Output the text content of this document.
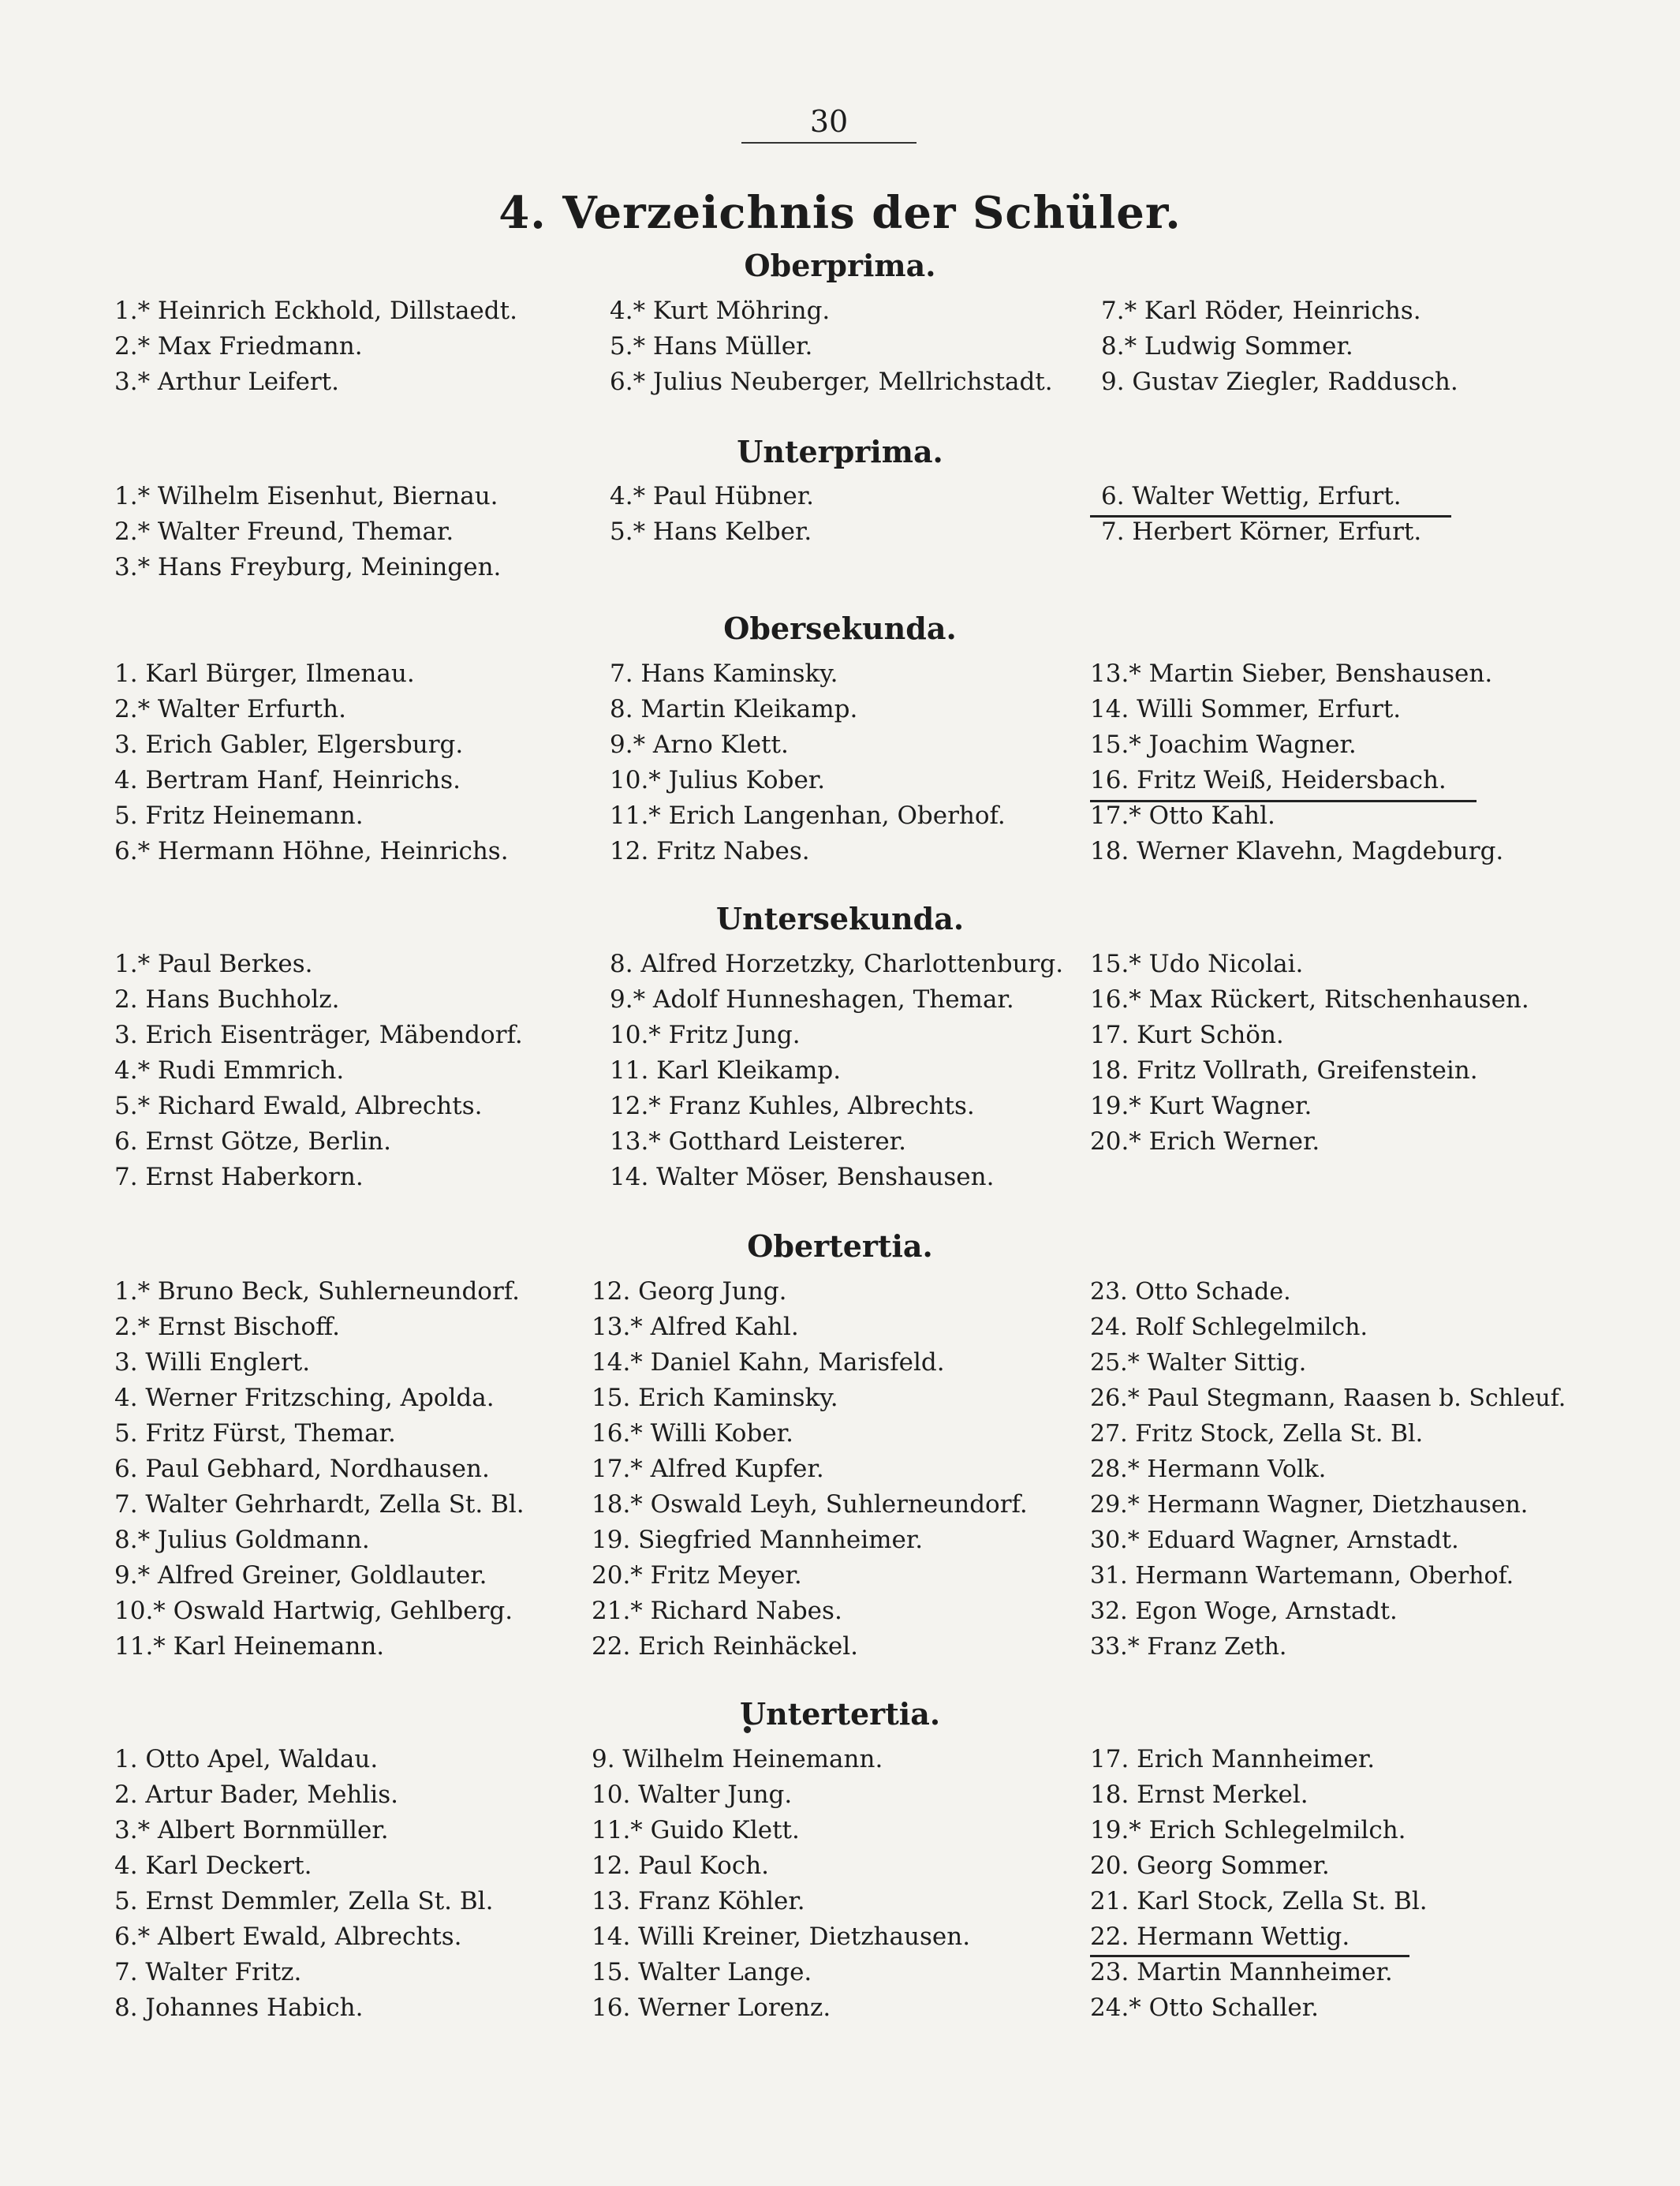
30
4. Verzeichnis der Schüler.
Oberprima.
1.* Heinrich Eckhold, Dillstaedt.
2.* Max Friedmann.
3.* Arthur Leifert.
4.* Kurt Möhring.
5.* Hans Müller.
6.* Julius Neuberger, Mellrichstadt.
7.* Karl Röder, Heinrichs.
8.* Ludwig Sommer.
9. Gustav Ziegler, Raddusch.
Unterprima.
1.* Wilhelm Eisenhut, Biernau.
2.* Walter Freund, Themar.
3.* Hans Freyburg, Meiningen.
4.* Paul Hübner.
5.* Hans Kelber.
6. Walter Wettig, Erfurt.
7. Herbert Körner, Erfurt.
Obersekunda.
1. Karl Bürger, Ilmenau.
2.* Walter Erfurth.
3. Erich Gabler, Elgersburg.
4. Bertram Hanf, Heinrichs.
5. Fritz Heinemann.
6.* Hermann Höhne, Heinrichs.
7. Hans Kaminsky.
8. Martin Kleikamp.
9.* Arno Klett.
10.* Julius Kober.
11.* Erich Langenhan, Oberhof.
12. Fritz Nabes.
13.* Martin Sieber, Benshausen.
14. Willi Sommer, Erfurt.
15.* Joachim Wagner.
16. Fritz Weiß, Heidersbach.
17.* Otto Kahl.
18. Werner Klavehn, Magdeburg.
Untersekunda.
1.* Paul Berkes.
2. Hans Buchholz.
3. Erich Eisenträger, Mäbendorf.
4.* Rudi Emmrich.
5.* Richard Ewald, Albrechts.
6. Ernst Götze, Berlin.
7. Ernst Haberkorn.
8. Alfred Horzetzky, Charlottenburg.
9.* Adolf Hunneshagen, Themar.
10.* Fritz Jung.
11. Karl Kleikamp.
12.* Franz Kuhles, Albrechts.
13.* Gotthard Leisterer.
14. Walter Möser, Benshausen.
15.* Udo Nicolai.
16.* Max Rückert, Ritschenhausen.
17. Kurt Schön.
18. Fritz Vollrath, Greifenstein.
19.* Kurt Wagner.
20.* Erich Werner.
Obertertia.
1.* Bruno Beck, Suhlerneundorf.
2.* Ernst Bischoff.
3. Willi Englert.
4. Werner Fritzsching, Apolda.
5. Fritz Fürst, Themar.
6. Paul Gebhard, Nordhausen.
7. Walter Gehrhardt, Zella St. Bl.
8.* Julius Goldmann.
9.* Alfred Greiner, Goldlauter.
10.* Oswald Hartwig, Gehlberg.
11.* Karl Heinemann.
12. Georg Jung.
13.* Alfred Kahl.
14.* Daniel Kahn, Marisfeld.
15. Erich Kaminsky.
16.* Willi Kober.
17.* Alfred Kupfer.
18.* Oswald Leyh, Suhlerneundorf.
19. Siegfried Mannheimer.
20.* Fritz Meyer.
21.* Richard Nabes.
22. Erich Reinhäckel.
23. Otto Schade.
24. Rolf Schlegelmilch.
25.* Walter Sittig.
26.* Paul Stegmann, Raasen b. Schleuf.
27. Fritz Stock, Zella St. Bl.
28.* Hermann Volk.
29.* Hermann Wagner, Dietzhausen.
30.* Eduard Wagner, Arnstadt.
31. Hermann Wartemann, Oberhof.
32. Egon Woge, Arnstadt.
33.* Franz Zeth.
Untertertia.
1. Otto Apel, Waldau.
2. Artur Bader, Mehlis.
3.* Albert Bornmüller.
4. Karl Deckert.
5. Ernst Demmler, Zella St. Bl.
6.* Albert Ewald, Albrechts.
7. Walter Fritz.
8. Johannes Habich.
9. Wilhelm Heinemann.
10. Walter Jung.
11.* Guido Klett.
12. Paul Koch.
13. Franz Köhler.
14. Willi Kreiner, Dietzhausen.
15. Walter Lange.
16. Werner Lorenz.
17. Erich Mannheimer.
18. Ernst Merkel.
19.* Erich Schlegelmilch.
20. Georg Sommer.
21. Karl Stock, Zella St. Bl.
22. Hermann Wettig.
23. Martin Mannheimer.
24.* Otto Schaller.
